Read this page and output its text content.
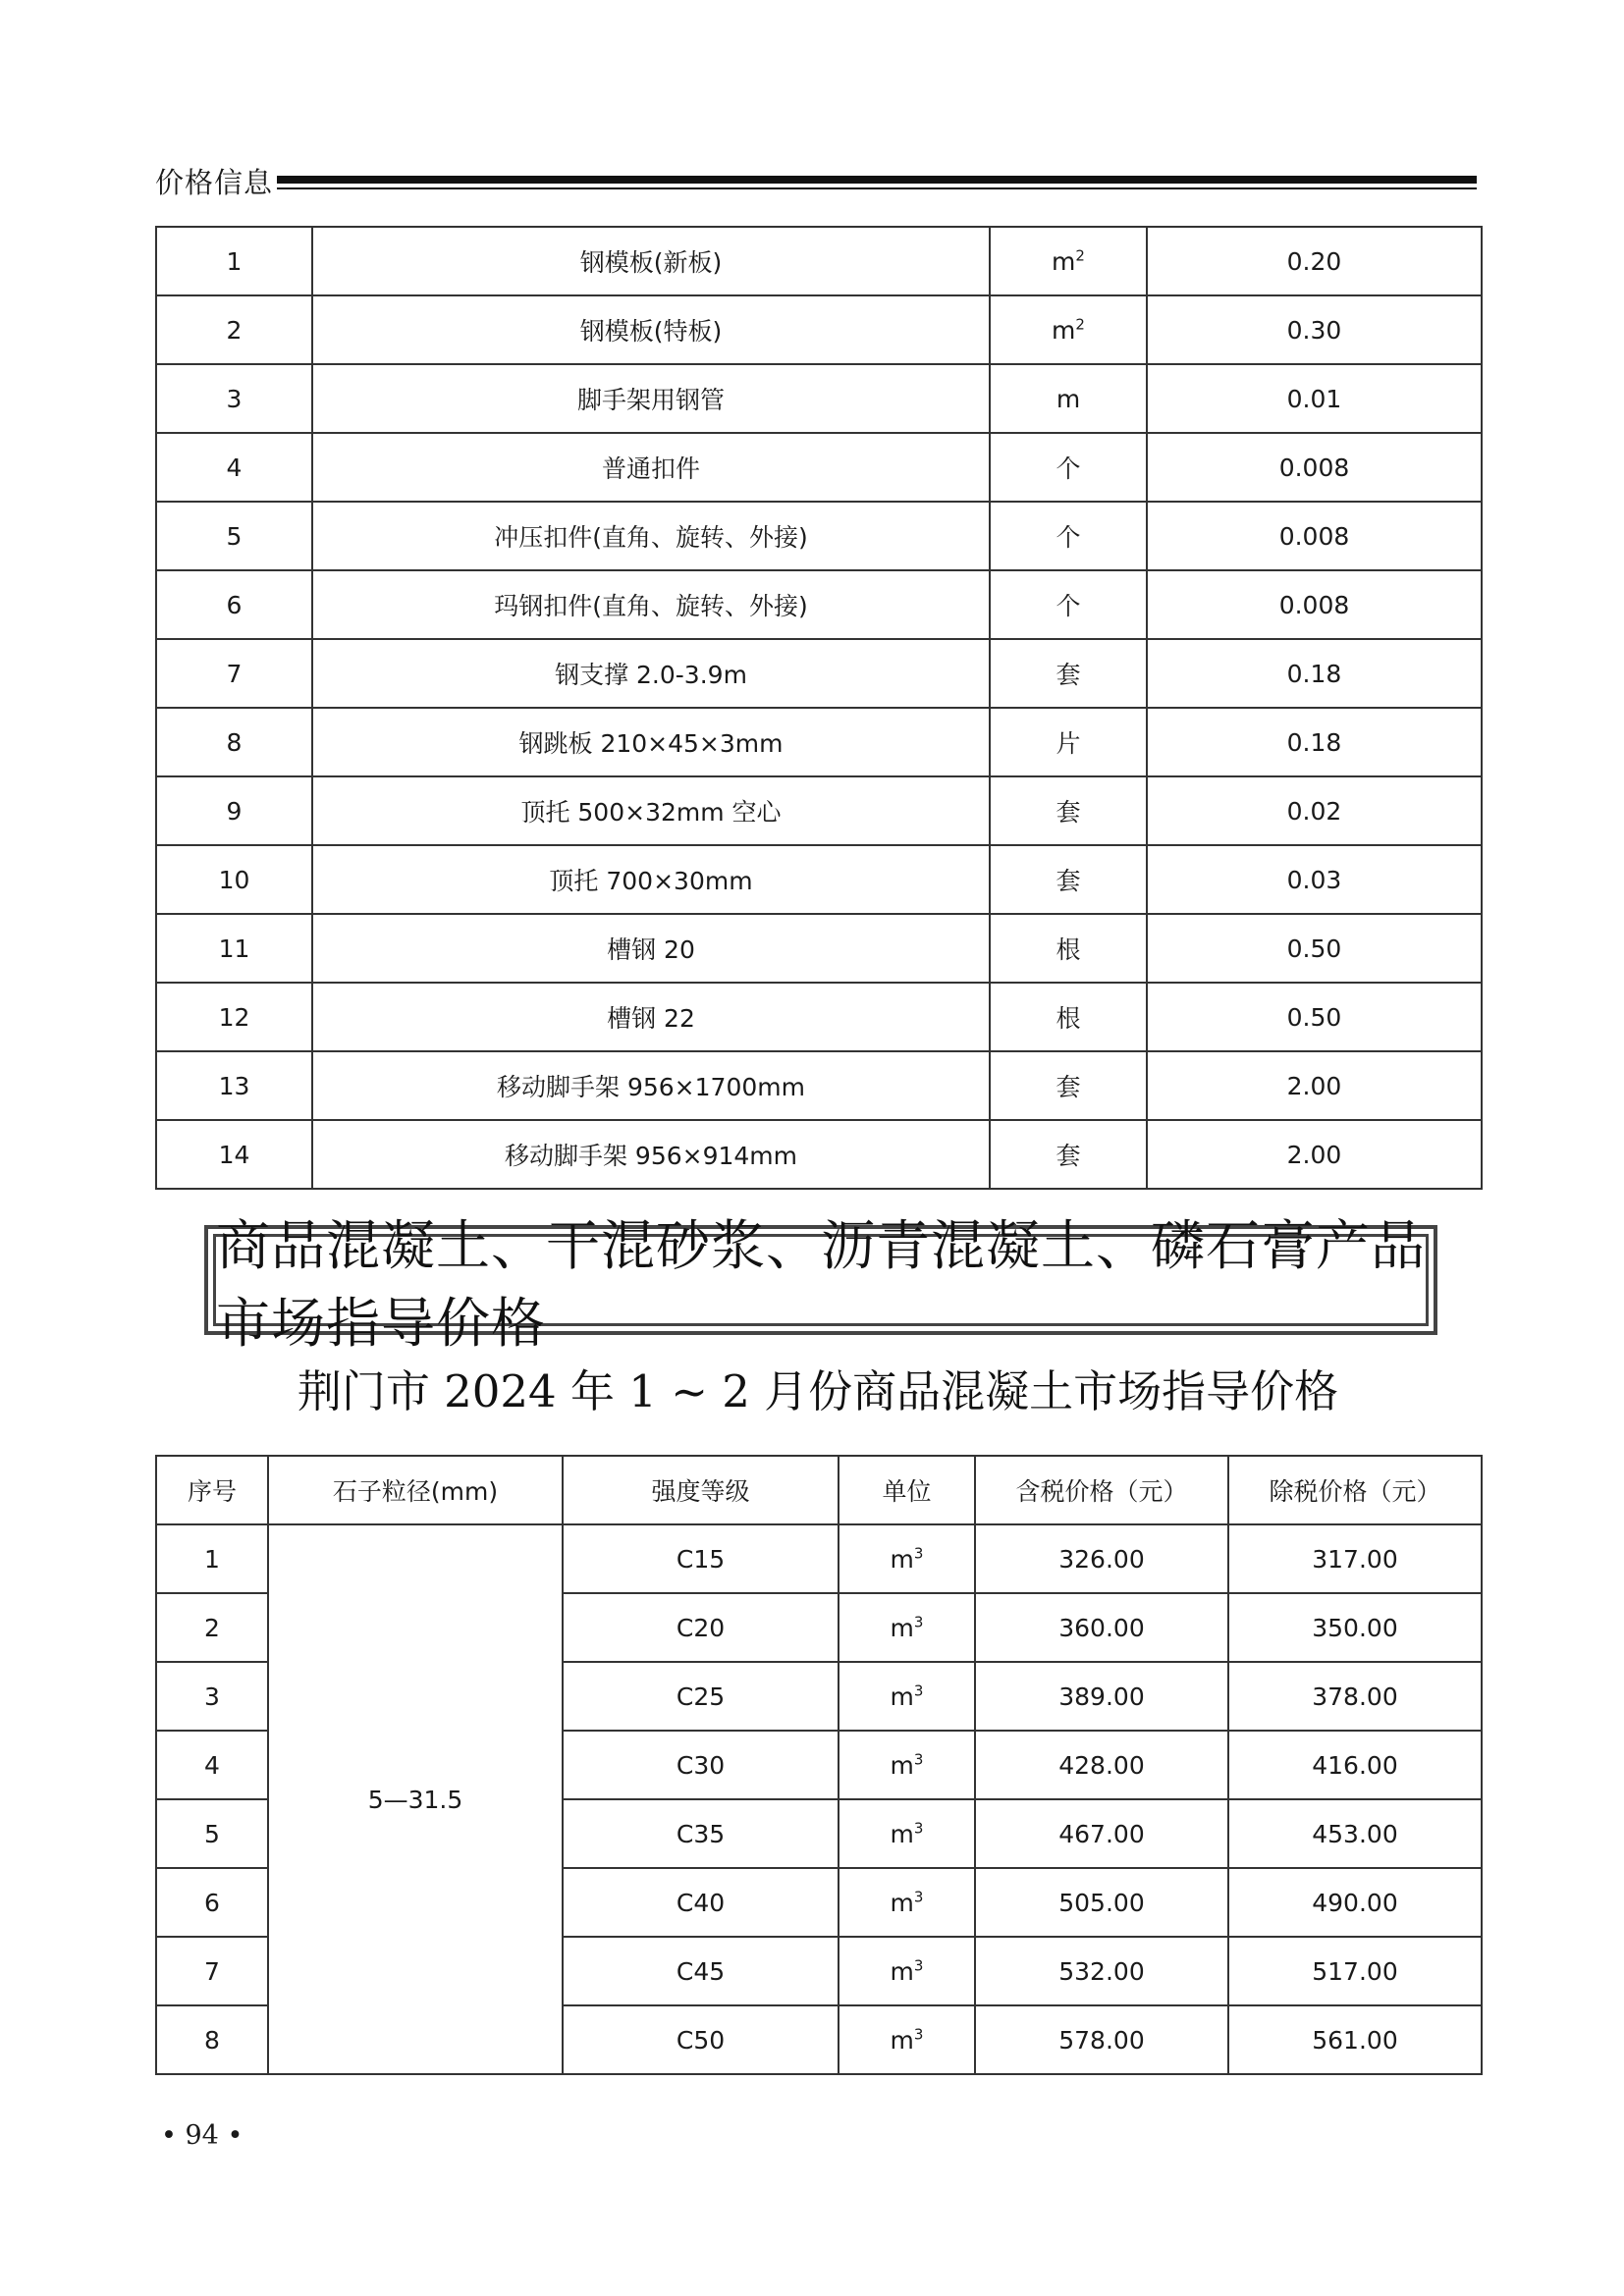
价格信息
1	钢模板(新板)	$m^2$	0.20
2	钢模板(特板)	$m^2$	0.30
3	脚手架用钢管	m	0.01
4	普通扣件	个	0.008
5	冲压扣件(直角、旋转、外接)	个	0.008
6	玛钢扣件(直角、旋转、外接)	个	0.008
7	钢支撑 2.0-3.9m	套	0.18
8	钢跳板 210×45×3mm	片	0.18
9	顶托 500×32mm 空心	套	0.02
10	顶托 700×30mm	套	0.03
11	槽钢 20	根	0.50
12	槽钢 22	根	0.50
13	移动脚手架 956×1700mm	套	2.00
14	移动脚手架 956×914mm	套	2.00
商品混凝土、干混砂浆、沥青混凝土、磷石膏产品市场指导价格
荆门市 2024 年 1 ~ 2 月份商品混凝土市场指导价格
序号	石子粒径(mm)	强度等级	单位	含税价格（元）	除税价格（元）
1	5—31.5	C15	$m^3$	326.00	317.00
2		C20	$m^3$	360.00	350.00
3		C25	$m^3$	389.00	378.00
4		C30	$m^3$	428.00	416.00
5		C35	$m^3$	467.00	453.00
6		C40	$m^3$	505.00	490.00
7		C45	$m^3$	532.00	517.00
8		C50	$m^3$	578.00	561.00
• 94 •
